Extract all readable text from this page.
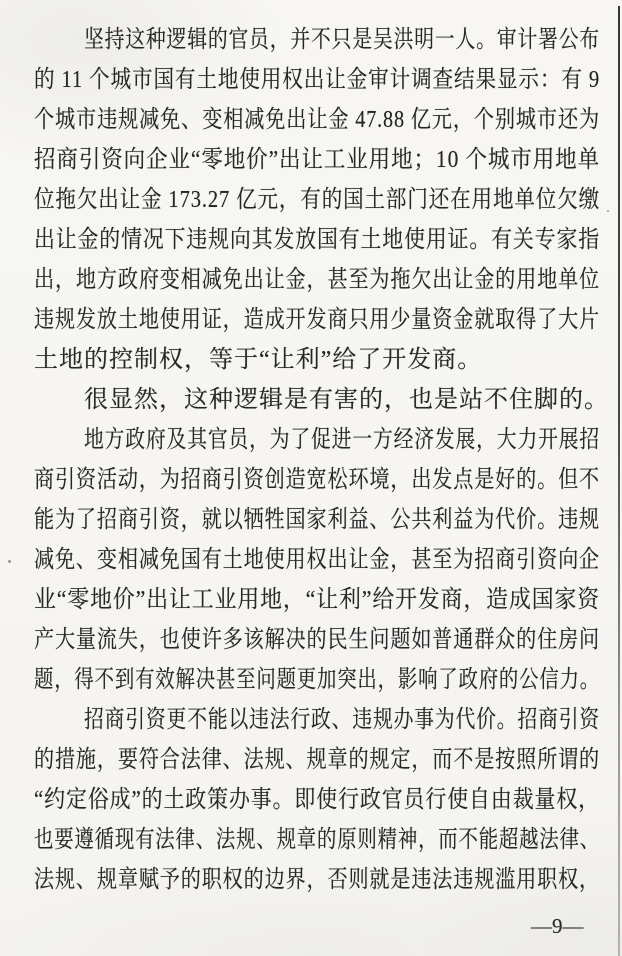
坚持这种逻辑的官员，并不只是吴洪明一人。审计署公布
的 11 个城市国有土地使用权出让金审计调查结果显示：有 9
个城市违规减免、变相减免出让金 47.88 亿元，个别城市还为
招商引资向企业“零地价”出让工业用地；10 个城市用地单
位拖欠出让金 173.27 亿元，有的国土部门还在用地单位欠缴
出让金的情况下违规向其发放国有土地使用证。有关专家指
出，地方政府变相减免出让金，甚至为拖欠出让金的用地单位
违规发放土地使用证，造成开发商只用少量资金就取得了大片
土地的控制权，等于“让利”给了开发商。
很显然，这种逻辑是有害的，也是站不住脚的。
地方政府及其官员，为了促进一方经济发展，大力开展招
商引资活动，为招商引资创造宽松环境，出发点是好的。但不
能为了招商引资，就以牺牲国家利益、公共利益为代价。违规
减免、变相减免国有土地使用权出让金，甚至为招商引资向企
业“零地价”出让工业用地，“让利”给开发商，造成国家资
产大量流失，也使许多该解决的民生问题如普通群众的住房问
题，得不到有效解决甚至问题更加突出，影响了政府的公信力。
招商引资更不能以违法行政、违规办事为代价。招商引资
的措施，要符合法律、法规、规章的规定，而不是按照所谓的
“约定俗成”的土政策办事。即使行政官员行使自由裁量权，
也要遵循现有法律、法规、规章的原则精神，而不能超越法律、
法规、规章赋予的职权的边界，否则就是违法违规滥用职权，
—9—
